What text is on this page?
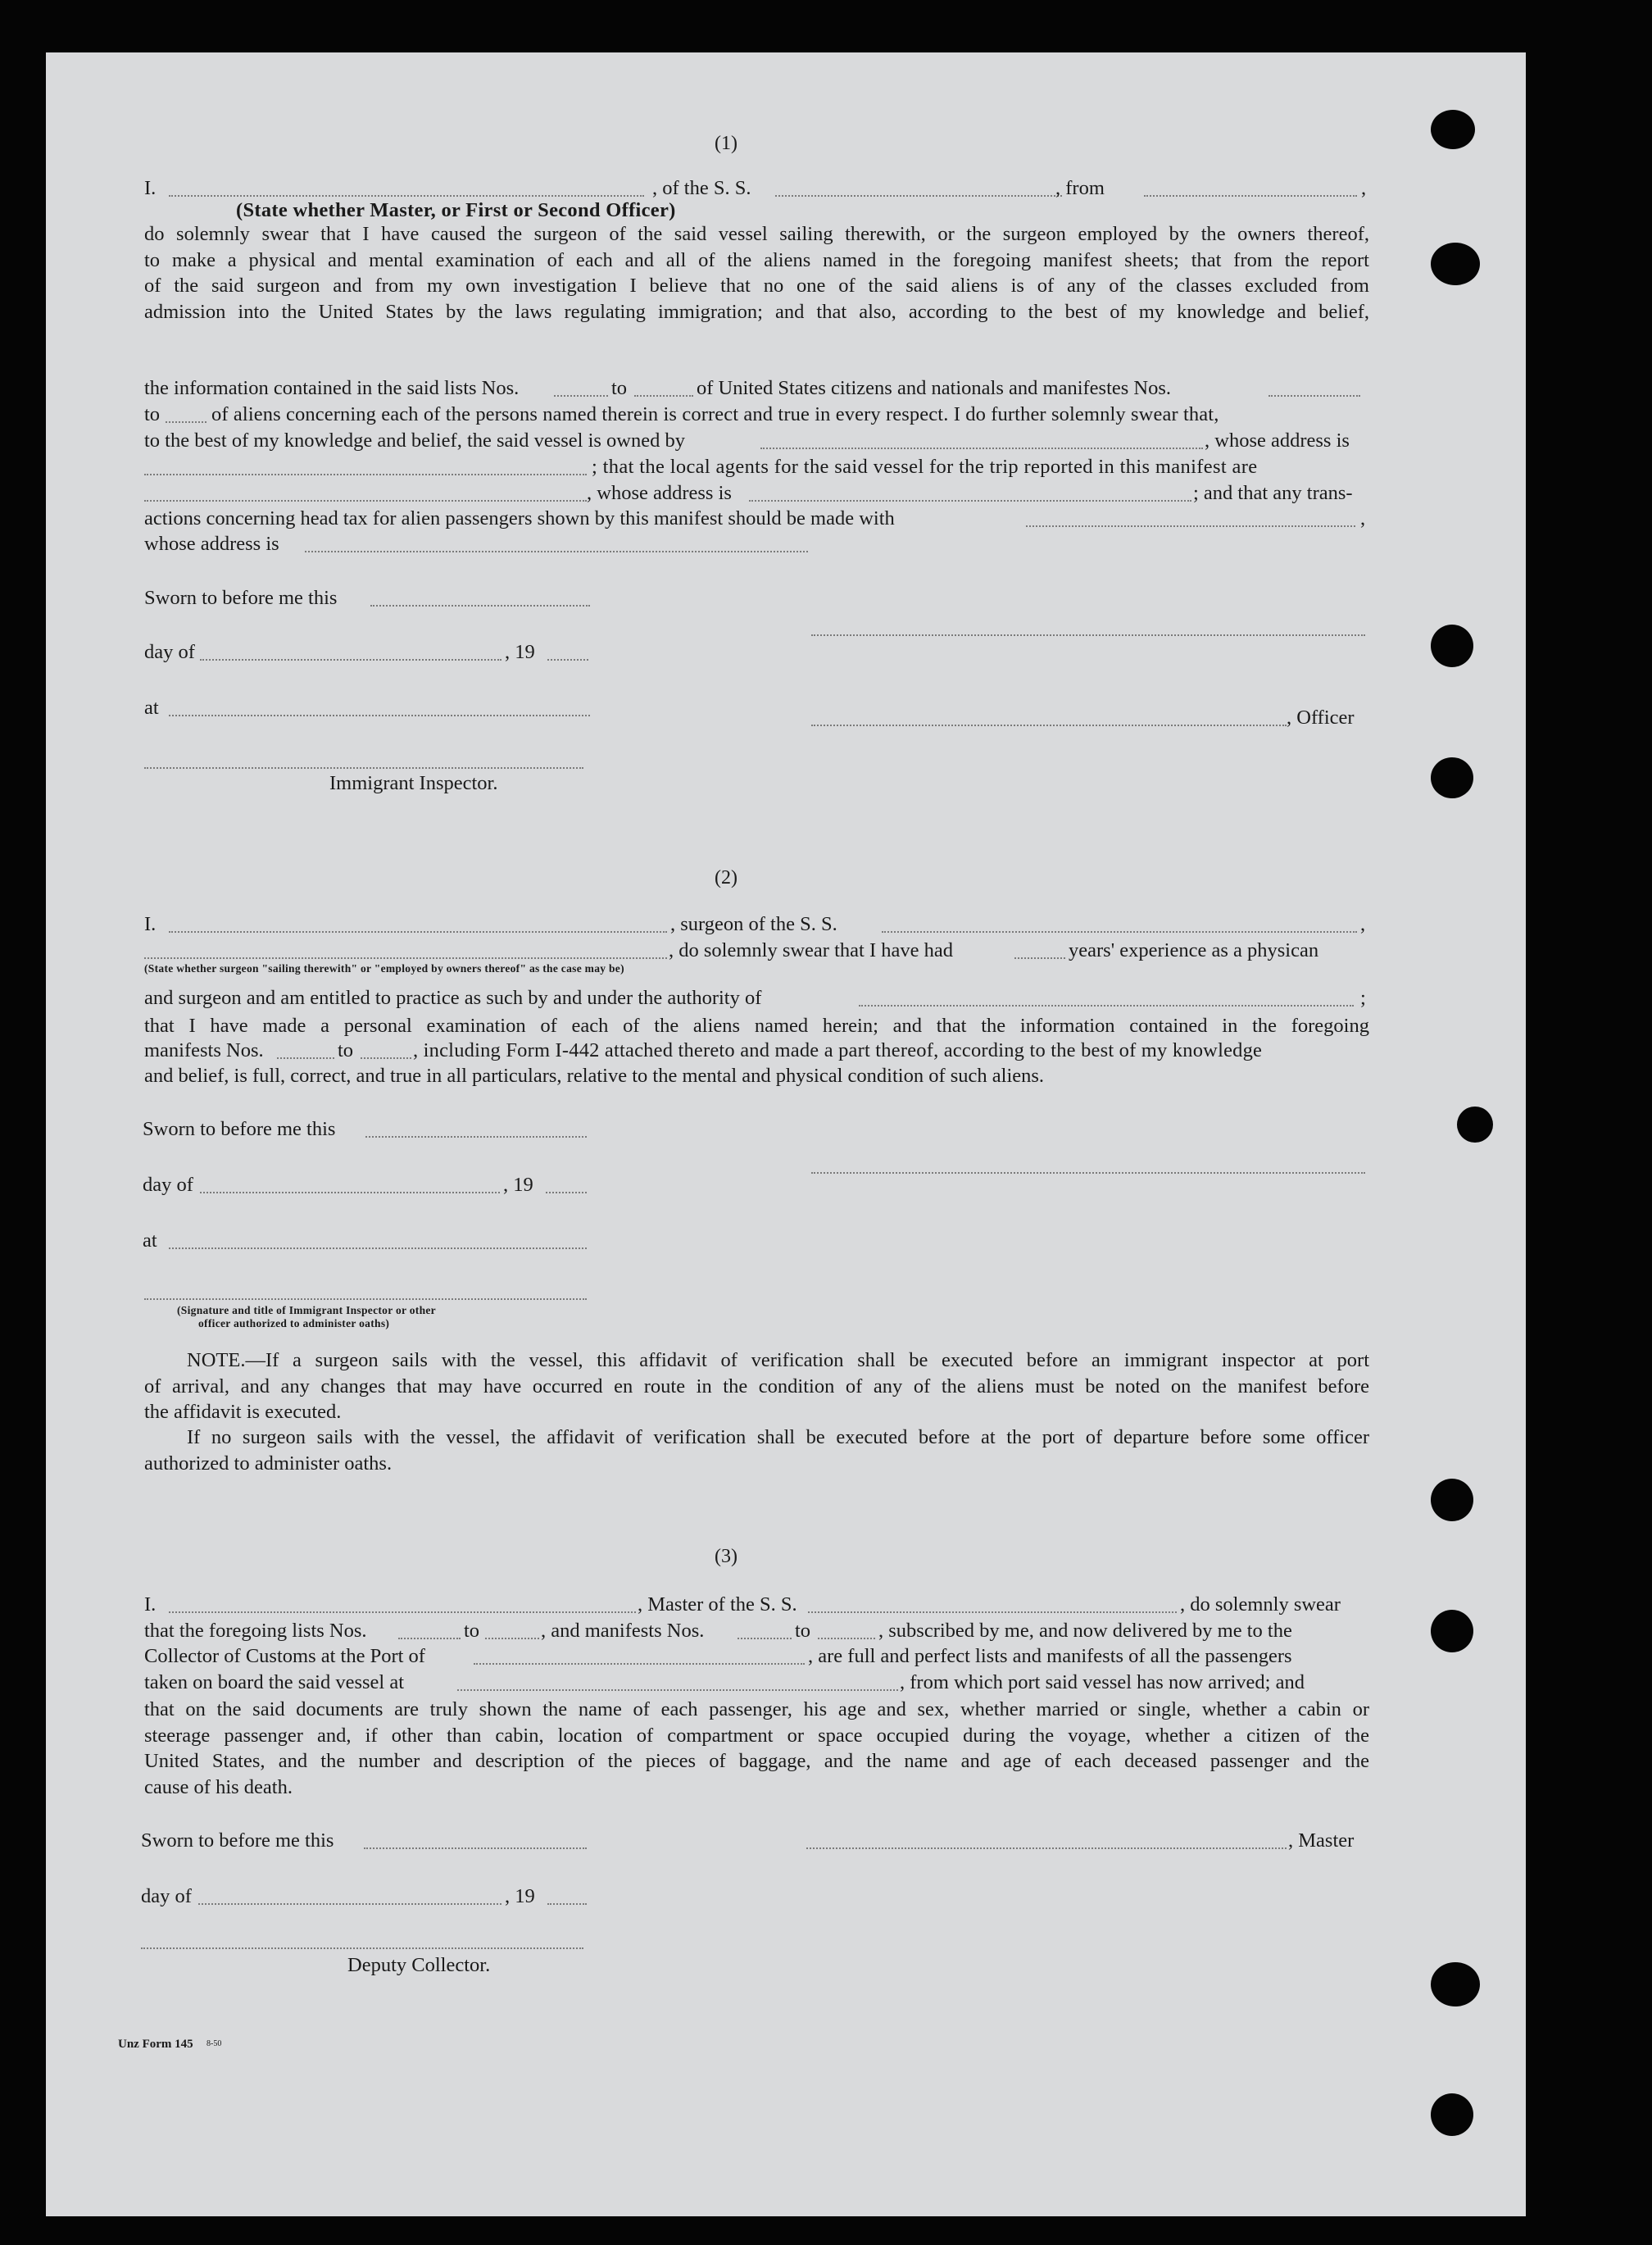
(1)
I.	, of the S. S.	, from	,
(State whether Master, or First or Second Officer)
do solemnly swear that I have caused the surgeon of the said vessel sailing therewith, or the surgeon employed by the owners thereof,
to make a physical and mental examination of each and all of the aliens named in the foregoing manifest sheets; that from the report
of the said surgeon and from my own investigation I believe that no one of the said aliens is of any of the classes excluded from
admission into the United States by the laws regulating immigration; and that also, according to the best of my knowledge and belief,
the information contained in the said lists Nos.	to	of United States citizens and nationals and manifestes Nos.
to	of aliens concerning each of the persons named therein is correct and true in every respect. I do further solemnly swear that,
to the best of my knowledge and belief, the said vessel is owned by	, whose address is
; that the local agents for the said vessel for the trip reported in this manifest are
, whose address is	; and that any trans-
actions concerning head tax for alien passengers shown by this manifest should be made with	,
whose address is
Sworn to before me this
day of	, 19
at	, Officer
Immigrant Inspector.
(2)
I.	, surgeon of the S. S.	,
, do solemnly swear that I have had	years' experience as a physican
(State whether surgeon "sailing therewith" or "employed by owners thereof" as the case may be)
and surgeon and am entitled to practice as such by and under the authority of	;
that I have made a personal examination of each of the aliens named herein; and that the information contained in the foregoing
manifests Nos.	to	, including Form I-442 attached thereto and made a part thereof, according to the best of my knowledge
and belief, is full, correct, and true in all particulars, relative to the mental and physical condition of such aliens.
Sworn to before me this
day of	, 19
at
(Signature and title of Immigrant Inspector or other
officer authorized to administer oaths)
NOTE.—If a surgeon sails with the vessel, this affidavit of verification shall be executed before an immigrant inspector at port
of arrival, and any changes that may have occurred en route in the condition of any of the aliens must be noted on the manifest before
the affidavit is executed.
If no surgeon sails with the vessel, the affidavit of verification shall be executed before at the port of departure before some officer
authorized to administer oaths.
(3)
I.	, Master of the S. S.	, do solemnly swear
that the foregoing lists Nos.	to	, and manifests Nos.	to	, subscribed by me, and now delivered by me to the
Collector of Customs at the Port of	, are full and perfect lists and manifests of all the passengers
taken on board the said vessel at	, from which port said vessel has now arrived; and
that on the said documents are truly shown the name of each passenger, his age and sex, whether married or single, whether a cabin or
steerage passenger and, if other than cabin, location of compartment or space occupied during the voyage, whether a citizen of the
United States, and the number and description of the pieces of baggage, and the name and age of each deceased passenger and the
cause of his death.
Sworn to before me this	, Master
day of	, 19
Deputy Collector.
Unz Form 145 8-50
